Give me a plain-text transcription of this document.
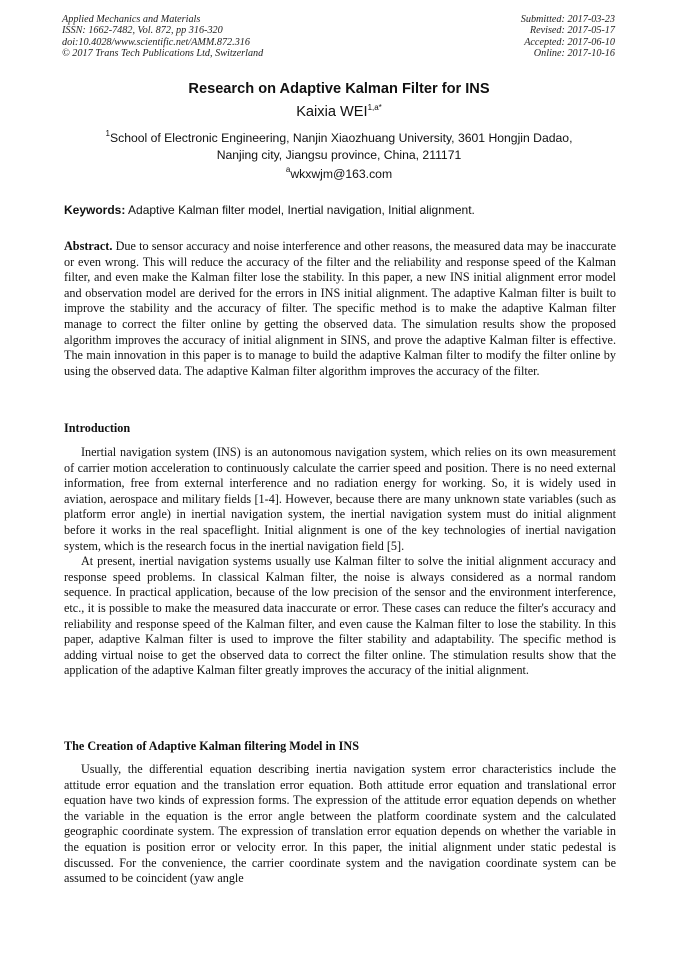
Applied Mechanics and Materials
ISSN: 1662-7482, Vol. 872, pp 316-320
doi:10.4028/www.scientific.net/AMM.872.316
© 2017 Trans Tech Publications Ltd, Switzerland
Submitted: 2017-03-23
Revised: 2017-05-17
Accepted: 2017-06-10
Online: 2017-10-16
Research on Adaptive Kalman Filter for INS
Kaixia $WEI^{1,a*}$
$^1$School of Electronic Engineering, Nanjin Xiaozhuang University, 3601 Hongjin Dadao,
Nanjing city, Jiangsu province, China, 211171
$^a$wkxwjm@163.com
Keywords: Adaptive Kalman filter model, Inertial navigation, Initial alignment.

Abstract. Due to sensor accuracy and noise interference and other reasons, the measured data may be inaccurate or even wrong. This will reduce the accuracy of the filter and the reliability and response speed of the Kalman filter, and even make the Kalman filter lose the stability. In this paper, a new INS initial alignment error model and observation model are derived for the errors in INS initial alignment. The adaptive Kalman filter is built to improve the stability and the accuracy of filter. The specific method is to make the adaptive Kalman filter manage to correct the filter online by getting the observed data. The simulation results show the proposed algorithm improves the accuracy of initial alignment in SINS, and prove the adaptive Kalman filter is effective. The main innovation in this paper is to manage to build the adaptive Kalman filter to modify the filter online by using the observed data. The adaptive Kalman filter algorithm improves the accuracy of the filter.

Introduction

Inertial navigation system (INS) is an autonomous navigation system, which relies on its own measurement of carrier motion acceleration to continuously calculate the carrier speed and position. There is no need external information, free from external interference and no radiation energy for working. So, it is widely used in aviation, aerospace and military fields [1-4]. However, because there are many unknown state variables (such as platform error angle) in inertial navigation system, the inertial navigation system must do initial alignment before it works in the real spaceflight. Initial alignment is one of the key technologies of inertial navigation system, which is the research focus in the inertial navigation field [5].

At present, inertial navigation systems usually use Kalman filter to solve the initial alignment accuracy and response speed problems. In classical Kalman filter, the noise is always considered as a normal random sequence. In practical application, because of the low precision of the sensor and the environment interference, etc., it is possible to make the measured data inaccurate or error. These cases can reduce the filter's accuracy and reliability and response speed of the Kalman filter, and even cause the Kalman filter to lose the stability. In this paper, adaptive Kalman filter is used to improve the filter stability and adaptability. The specific method is adding virtual noise to get the observed data to correct the filter online. The stimulation results show that the application of the adaptive Kalman filter greatly improves the accuracy of the initial alignment.

The Creation of Adaptive Kalman filtering Model in INS

Usually, the differential equation describing inertia navigation system error characteristics include the attitude error equation and the translation error equation. Both attitude error equation and translational error equation have two kinds of expression forms. The expression of the attitude error equation depends on whether the variable in the equation is the error angle between the platform coordinate system and the calculated geographic coordinate system. The expression of translation error equation depends on whether the variable in the equation is position error or velocity error. In this paper, the initial alignment under static pedestal is discussed. For the convenience, the carrier coordinate system and the navigation coordinate system can be assumed to be coincident (yaw angle
